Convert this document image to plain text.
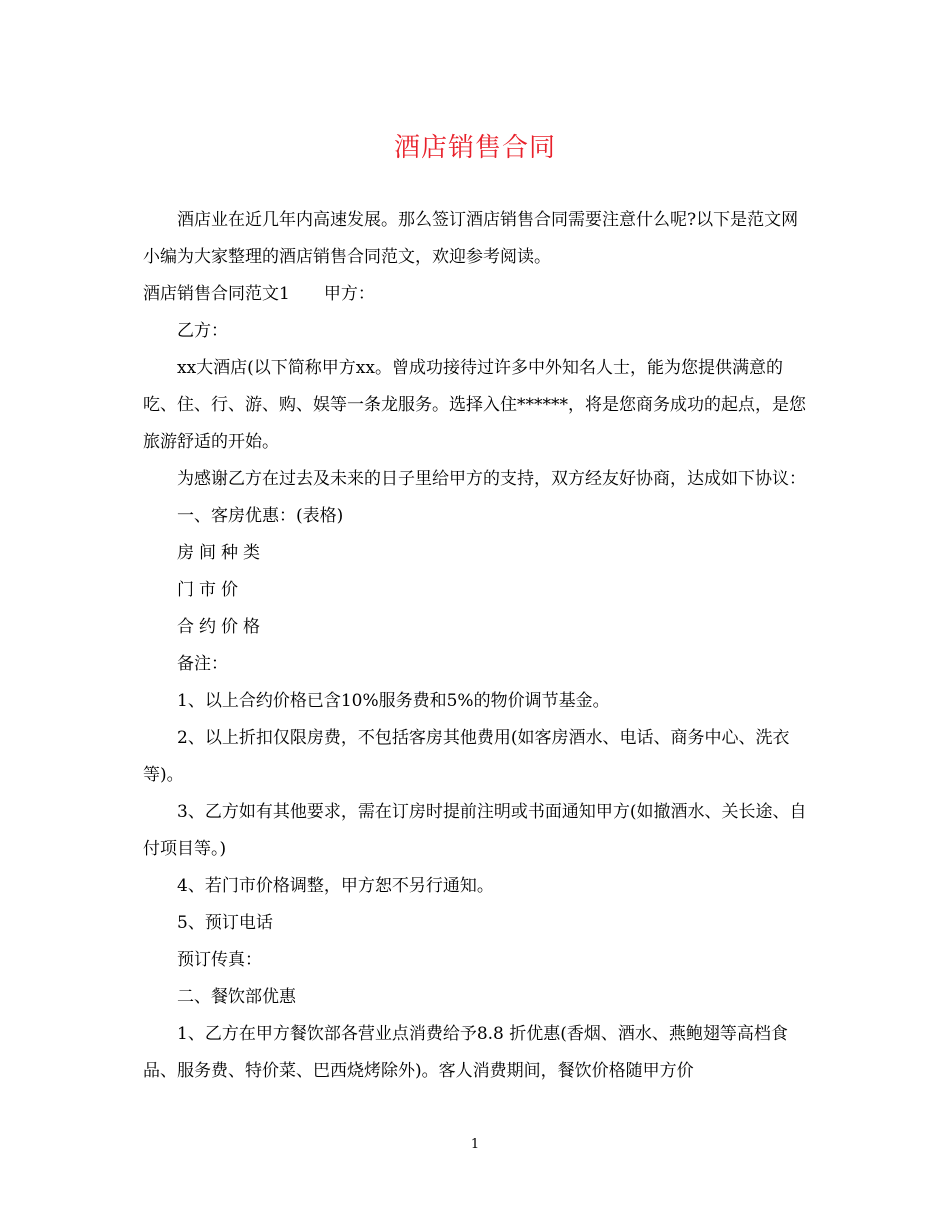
酒店销售合同

酒店业在近几年内高速发展。那么签订酒店销售合同需要注意什么呢?以下是范文网小编为大家整理的酒店销售合同范文，欢迎参考阅读。

酒店销售合同范文1　　甲方：

乙方：

xx大酒店(以下简称甲方xx。曾成功接待过许多中外知名人士，能为您提供满意的吃、住、行、游、购、娱等一条龙服务。选择入住******，将是您商务成功的起点，是您旅游舒适的开始。

为感谢乙方在过去及未来的日子里给甲方的支持，双方经友好协商，达成如下协议：

一、客房优惠：(表格)

房间种类

门市价

合约价格

备注：

1、以上合约价格已含10%服务费和5%的物价调节基金。

2、以上折扣仅限房费，不包括客房其他费用(如客房酒水、电话、商务中心、洗衣等)。

3、乙方如有其他要求，需在订房时提前注明或书面通知甲方(如撤酒水、关长途、自付项目等。)

4、若门市价格调整，甲方恕不另行通知。

5、预订电话

预订传真：

二、餐饮部优惠

1、乙方在甲方餐饮部各营业点消费给予8.8 折优惠(香烟、酒水、燕鲍翅等高档食品、服务费、特价菜、巴西烧烤除外)。客人消费期间，餐饮价格随甲方价

1
